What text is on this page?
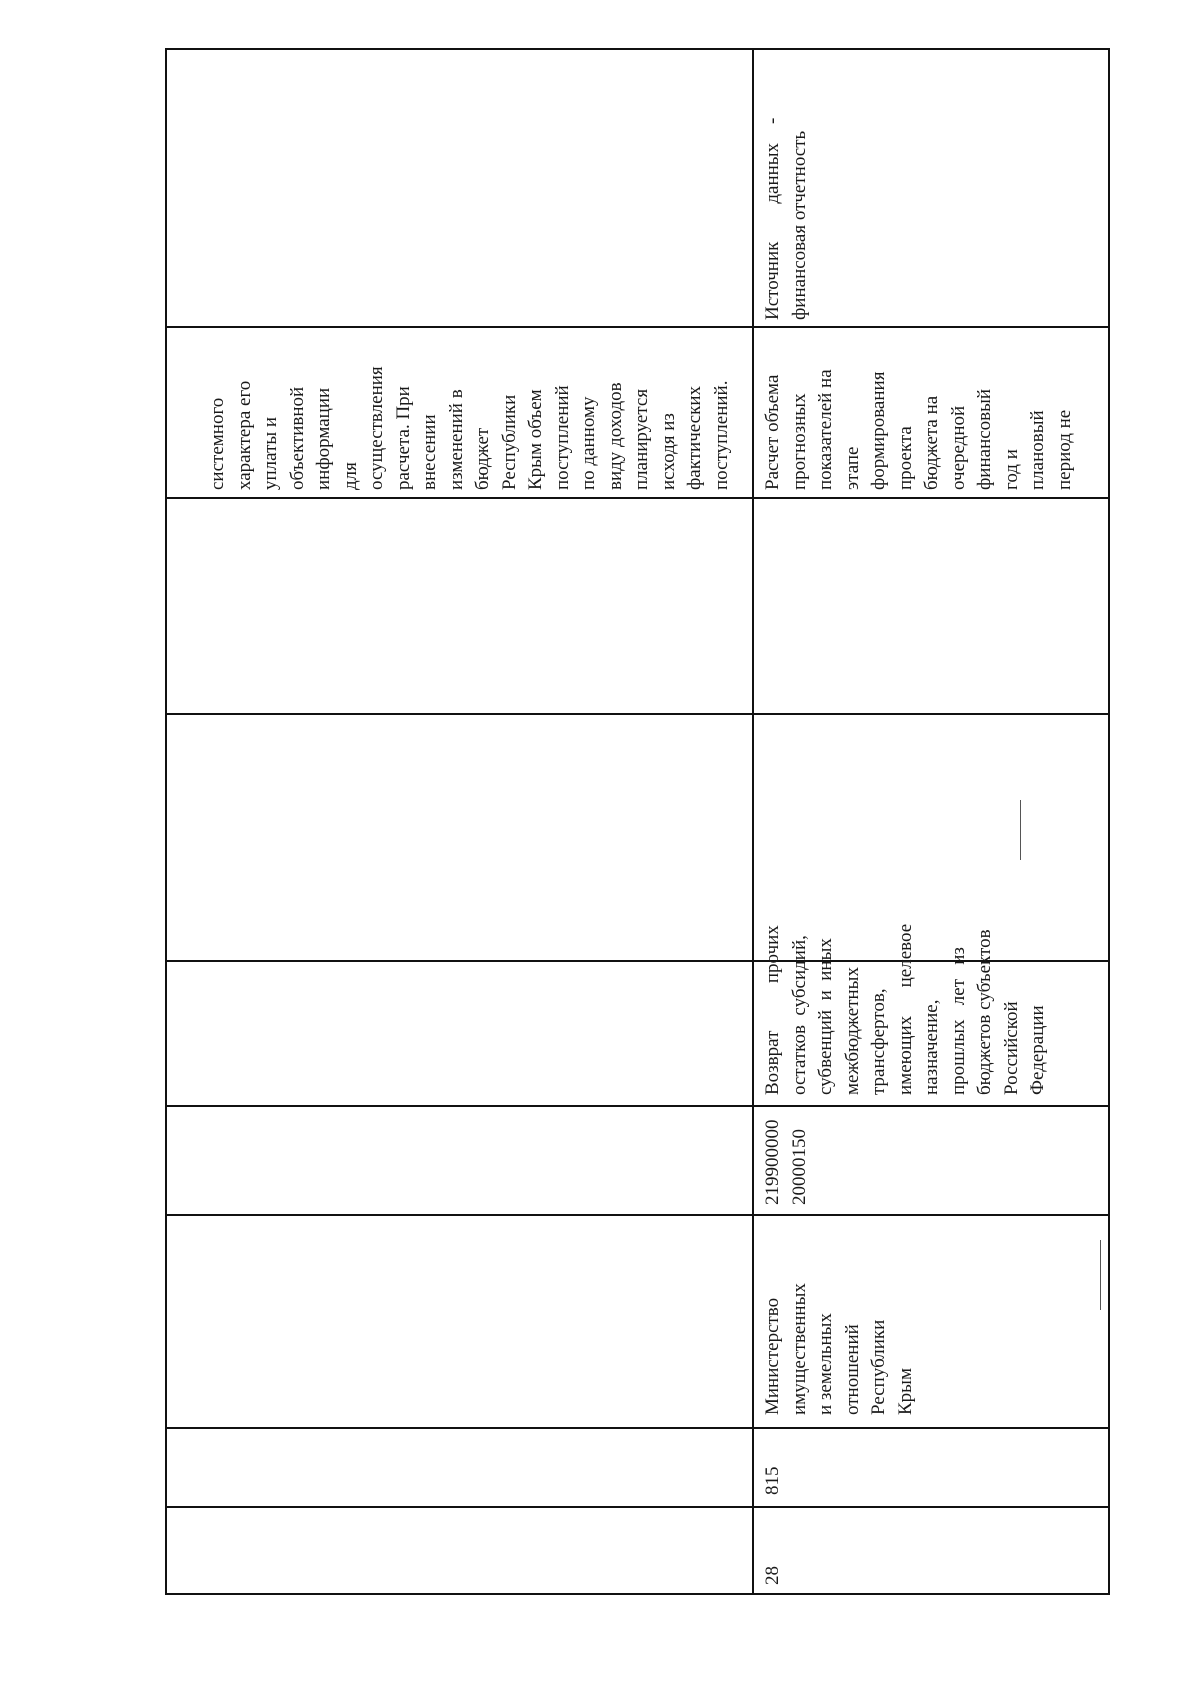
системного характера его уплаты и объективной информации для осуществления расчета. При внесении изменений в бюджет Республики Крым объем поступлений по данному виду доходов планируется исходя из фактических поступлений.
28
815
Министерство имущественных и земельных отношений Республики Крым
219900000 20000150
Возврат          прочих остатков  субсидий, субвенций  и  иных межбюджетных трансфертов, имеющих      целевое назначение, прошлых   лет   из бюджетов субъектов Российской Федерации
Расчет объема прогнозных показателей на этапе формирования проекта бюджета на очередной финансовый год и плановый период не
Источник        данных    - финансовая отчетность
